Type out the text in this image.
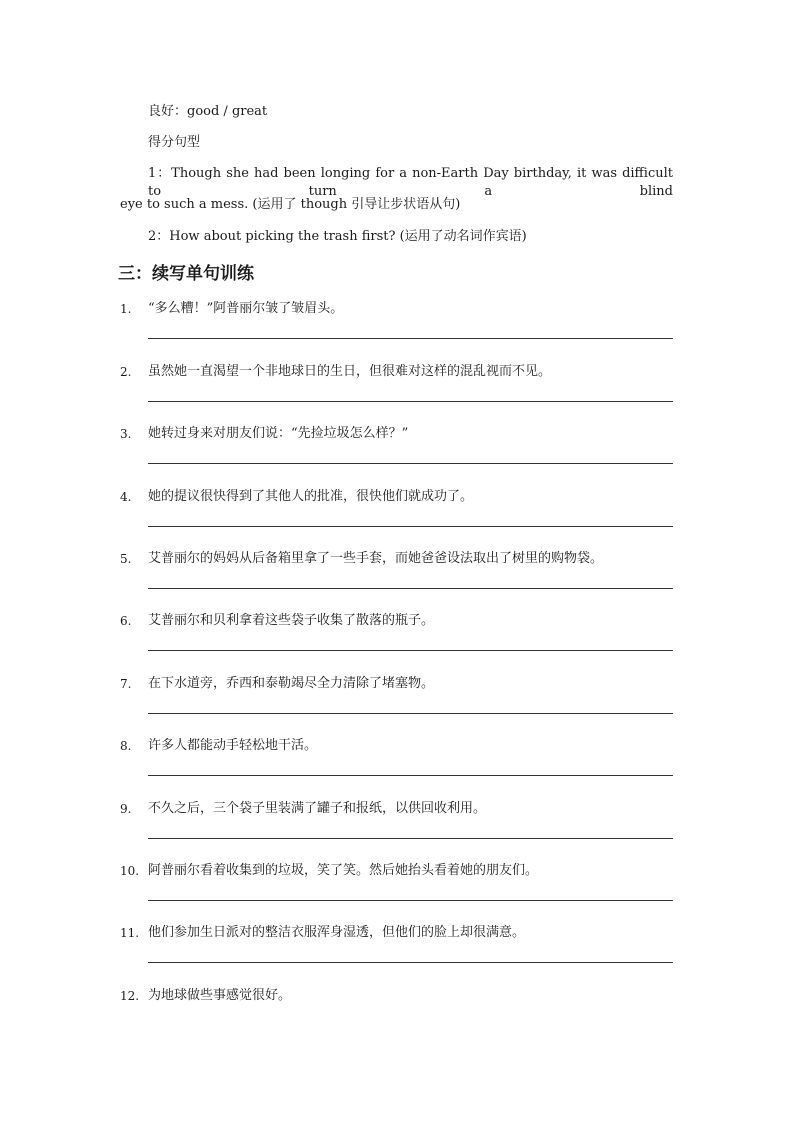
良好：good / great
得分句型
1：Though she had been longing for a non-Earth Day birthday, it was difficult to turn a blind
eye to such a mess. (运用了 though 引导让步状语从句)
2：How about picking the trash first? (运用了动名词作宾语)
三：续写单句训练
1. “多么糟！”阿普丽尔皱了皱眉头。
2. 虽然她一直渴望一个非地球日的生日，但很难对这样的混乱视而不见。
3. 她转过身来对朋友们说：“先捡垃圾怎么样？”
4. 她的提议很快得到了其他人的批准，很快他们就成功了。
5. 艾普丽尔的妈妈从后备箱里拿了一些手套，而她爸爸设法取出了树里的购物袋。
6. 艾普丽尔和贝利拿着这些袋子收集了散落的瓶子。
7. 在下水道旁，乔西和泰勒竭尽全力清除了堵塞物。
8. 许多人都能动手轻松地干活。
9. 不久之后，三个袋子里装满了罐子和报纸，以供回收利用。
10. 阿普丽尔看着收集到的垃圾，笑了笑。然后她抬头看着她的朋友们。
11. 他们参加生日派对的整洁衣服浑身湿透，但他们的脸上却很满意。
12. 为地球做些事感觉很好。
